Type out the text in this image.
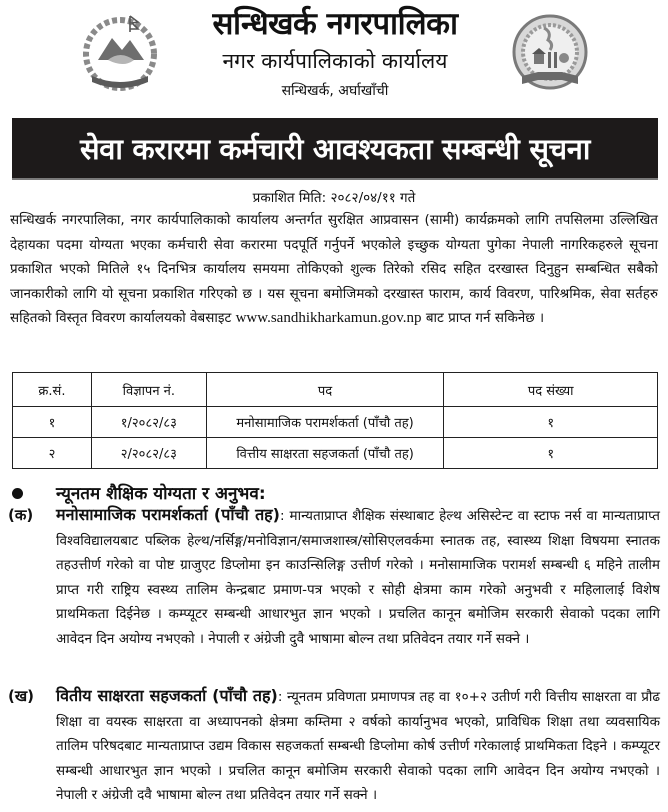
सन्धिखर्क नगरपालिका
नगर कार्यपालिकाको कार्यालय
सन्धिखर्क, अर्घाखाँची
सेवा करारमा कर्मचारी आवश्यकता सम्बन्धी सूचना
प्रकाशित मिति: २०८२/०४/११ गते
सन्धिखर्क नगरपालिका, नगर कार्यपालिकाको कार्यालय अन्तर्गत सुरक्षित आप्रवासन (सामी) कार्यक्रमको लागि तपसिलमा उल्लिखित देहायका पदमा योग्यता भएका कर्मचारी सेवा करारमा पदपूर्ति गर्नुपर्ने भएकोले इच्छुक योग्यता पुगेका नेपाली नागरिकहरुले सूचना प्रकाशित भएको मितिले १५ दिनभित्र कार्यालय समयमा तोकिएको शुल्क तिरेको रसिद सहित दरखास्त दिनुहुन सम्बन्धित सबैको जानकारीको लागि यो सूचना प्रकाशित गरिएको छ । यस सूचना बमोजिमको दरखास्त फाराम, कार्य विवरण, पारिश्रमिक, सेवा सर्तहरु सहितको विस्तृत विवरण कार्यालयको वेबसाइट www.sandhikharkamun.gov.np बाट प्राप्त गर्न सकिनेछ ।
क्र.सं.	विज्ञापन नं.	पद	पद संख्या
१	१/२०८२/८३	मनोसामाजिक परामर्शकर्ता (पाँचौ तह)	१
२	२/२०८२/८३	वित्तीय साक्षरता सहजकर्ता (पाँचौ तह)	१
न्यूनतम शैक्षिक योग्यता र अनुभव:
(क) मनोसामाजिक परामर्शकर्ता (पाँचौ तह): मान्यताप्राप्त शैक्षिक संस्थाबाट हेल्थ असिस्टेन्ट वा स्टाफ नर्स वा मान्यताप्राप्त विश्वविद्यालयबाट पब्लिक हेल्थ/नर्सिङ्ग/मनोविज्ञान/समाजशास्त्र/सोसिएलवर्कमा स्नातक तह, स्वास्थ्य शिक्षा विषयमा स्नातक तहउत्तीर्ण गरेको वा पोष्ट ग्राजुएट डिप्लोमा इन काउन्सिलिङ्ग उत्तीर्ण गरेको । मनोसामाजिक परामर्श सम्बन्धी ६ महिने तालीम प्राप्त गरी राष्ट्रिय स्वस्थ्य तालिम केन्द्रबाट प्रमाण-पत्र भएको र सोही क्षेत्रमा काम गरेको अनुभवी र महिलालाई विशेष प्राथमिकता दिईनेछ । कम्प्यूटर सम्बन्धी आधारभुत ज्ञान भएको । प्रचलित कानून बमोजिम सरकारी सेवाको पदका लागि आवेदन दिन अयोग्य नभएको । नेपाली र अंग्रेजी दुवै भाषामा बोल्न तथा प्रतिवेदन तयार गर्ने सक्ने ।
(ख) वितीय साक्षरता सहजकर्ता (पाँचौ तह): न्यूनतम प्रविणता प्रमाणपत्र तह वा १०+२ उतीर्ण गरी वित्तीय साक्षरता वा प्रौढ शिक्षा वा वयस्क साक्षरता वा अध्यापनको क्षेत्रमा कम्तिमा २ वर्षको कार्यानुभव भएको, प्राविधिक शिक्षा तथा व्यवसायिक तालिम परिषदबाट मान्यताप्राप्त उद्यम विकास सहजकर्ता सम्बन्धी डिप्लोमा कोर्ष उत्तीर्ण गरेकालाई प्राथमिकता दिइने । कम्प्यूटर सम्बन्धी आधारभुत ज्ञान भएको । प्रचलित कानून बमोजिम सरकारी सेवाको पदका लागि आवेदन दिन अयोग्य नभएको । नेपाली र अंग्रेजी दवै भाषामा बोल्न तथा प्रतिवेदन तयार गर्ने सक्ने ।
